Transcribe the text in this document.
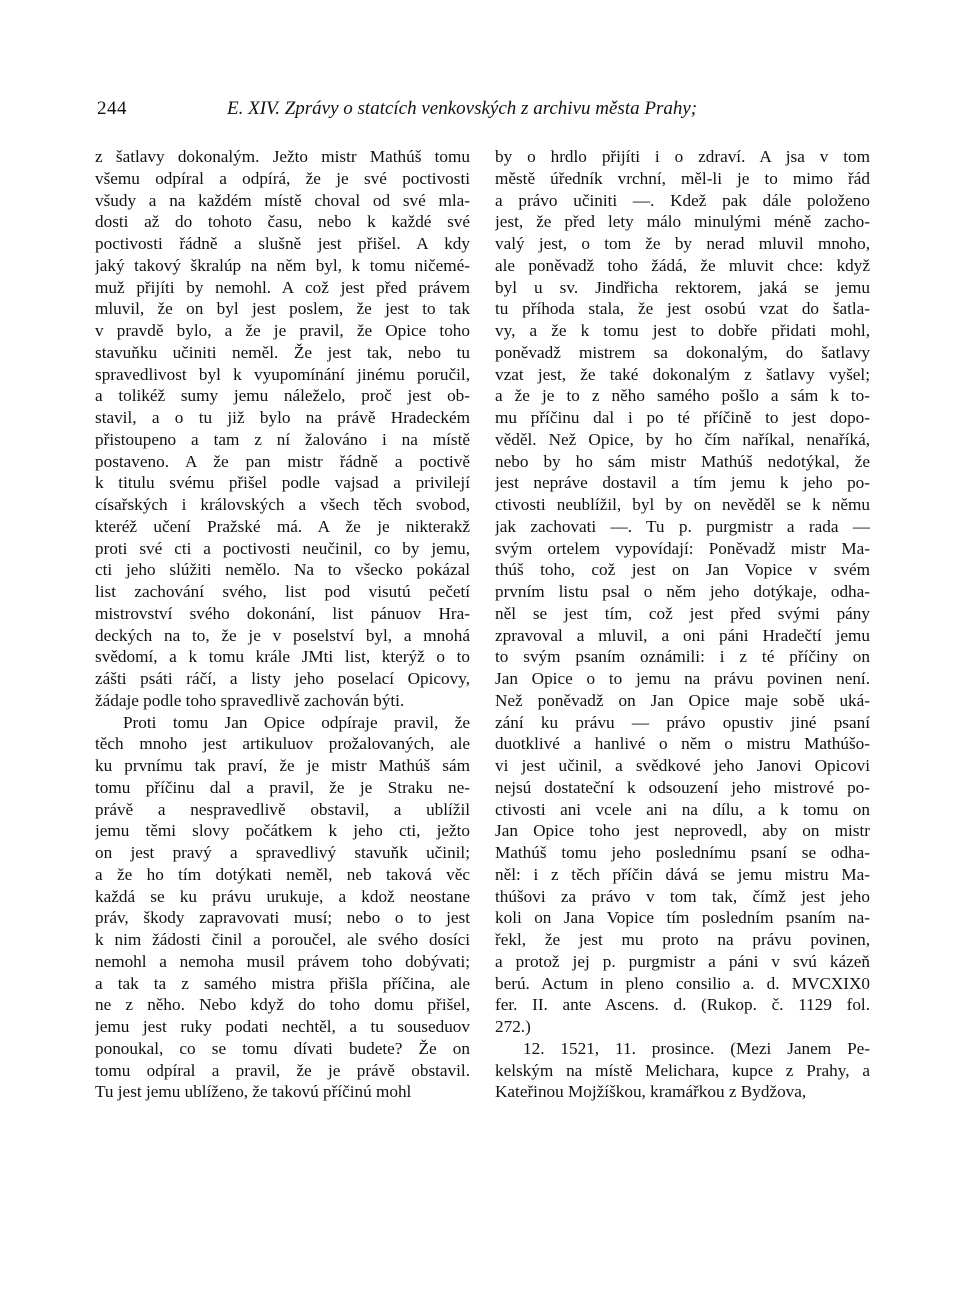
244	E. XIV. Zprávy o statcích venkovských z archivu města Prahy;
z šatlavy dokonalým. Ježto mistr Mathúš tomu
všemu odpíral a odpírá, že je své poctivosti
všudy a na každém místě choval od své mla-
dosti až do tohoto času, nebo k každé své
poctivosti řádně a slušně jest přišel. A kdy
jaký takový škralúp na něm byl, k tomu ničemé-
muž přijíti by nemohl. A což jest před právem
mluvil, že on byl jest poslem, že jest to tak
v pravdě bylo, a že je pravil, že Opice toho
stavuňku učiniti neměl. Že jest tak, nebo tu
spravedlivost byl k vyupomínání jinému poručil,
a tolikéž sumy jemu náleželo, proč jest ob-
stavil, a o tu již bylo na právě Hradeckém
přistoupeno a tam z ní žalováno i na místě
postaveno. A že pan mistr řádně a poctivě
k titulu svému přišel podle vajsad a privilejí
císařských i královských a všech těch svobod,
kteréž učení Pražské má. A že je nikterakž
proti své cti a poctivosti neučinil, co by jemu,
cti jeho slúžiti nemělo. Na to všecko pokázal
list zachování svého, list pod visutú pečetí
mistrovství svého dokonání, list pánuov Hra-
deckých na to, že je v poselství byl, a mnohá
svědomí, a k tomu krále JMti list, kterýž o to
zášti psáti ráčí, a listy jeho poselací Opicovy,
žádaje podle toho spravedlivě zachován býti.
Proti tomu Jan Opice odpíraje pravil, že
těch mnoho jest artikuluov prožalovaných, ale
ku prvnímu tak praví, že je mistr Mathúš sám
tomu příčinu dal a pravil, že je Straku ne-
právě a nespravedlivě obstavil, a ublížil
jemu těmi slovy počátkem k jeho cti, ježto
on jest pravý a spravedlivý stavuňk učinil;
a že ho tím dotýkati neměl, neb taková věc
každá se ku právu urukuje, a kdož neostane
práv, škody zapravovati musí; nebo o to jest
k nim žádosti činil a poroučel, ale svého dosíci
nemohl a nemoha musil právem toho dobývati;
a tak ta z samého mistra přišla příčina, ale
ne z něho. Nebo když do toho domu přišel,
jemu jest ruky podati nechtěl, a tu souseduov
ponoukal, co se tomu dívati budete? Že on
tomu odpíral a pravil, že je právě obstavil.
Tu jest jemu ublíženo, že takovú příčinú mohl
by o hrdlo přijíti i o zdraví. A jsa v tom
městě úředník vrchní, měl-li je to mimo řád
a právo učiniti —. Kdež pak dále položeno
jest, že před lety málo minulými méně zacho-
valý jest, o tom že by nerad mluvil mnoho,
ale poněvadž toho žádá, že mluvit chce: když
byl u sv. Jindřicha rektorem, jaká se jemu
tu příhoda stala, že jest osobú vzat do šatla-
vy, a že k tomu jest to dobře přidati mohl,
poněvadž mistrem sa dokonalým, do šatlavy
vzat jest, že také dokonalým z šatlavy vyšel;
a že je to z něho samého pošlo a sám k to-
mu příčinu dal i po té příčině to jest dopo-
věděl. Než Opice, by ho čím naříkal, nenaříká,
nebo by ho sám mistr Mathúš nedotýkal, že
jest nepráve dostavil a tím jemu k jeho po-
ctivosti neublížil, byl by on nevěděl se k němu
jak zachovati —. Tu p. purgmistr a rada —
svým ortelem vypovídají: Poněvadž mistr Ma-
thúš toho, což jest on Jan Vopice v svém
prvním listu psal o něm jeho dotýkaje, odha-
něl se jest tím, což jest před svými pány
zpravoval a mluvil, a oni páni Hradečtí jemu
to svým psaním oznámili: i z té příčiny on
Jan Opice o to jemu na právu povinen není.
Než poněvadž on Jan Opice maje sobě uká-
zání ku právu — právo opustiv jiné psaní
duotklivé a hanlivé o něm o mistru Mathúšo-
vi jest učinil, a svědkové jeho Janovi Opicovi
nejsú dostateční k odsouzení jeho mistrové po-
ctivosti ani vcele ani na dílu, a k tomu on
Jan Opice toho jest neprovedl, aby on mistr
Mathúš tomu jeho poslednímu psaní se odha-
něl: i z těch příčin dává se jemu mistru Ma-
thúšovi za právo v tom tak, čímž jest jeho
koli on Jana Vopice tím posledním psaním na-
řekl, že jest mu proto na právu povinen,
a protož jej p. purgmistr a páni v svú kázeň
berú. Actum in pleno consilio a. d. MVCXIX0
fer. II. ante Ascens. d. (Rukop. č. 1129 fol.
272.)
12. 1521, 11. prosince. (Mezi Janem Pe-
kelským na místě Melichara, kupce z Prahy, a
Kateřinou Mojžíškou, kramářkou z Bydžova,
